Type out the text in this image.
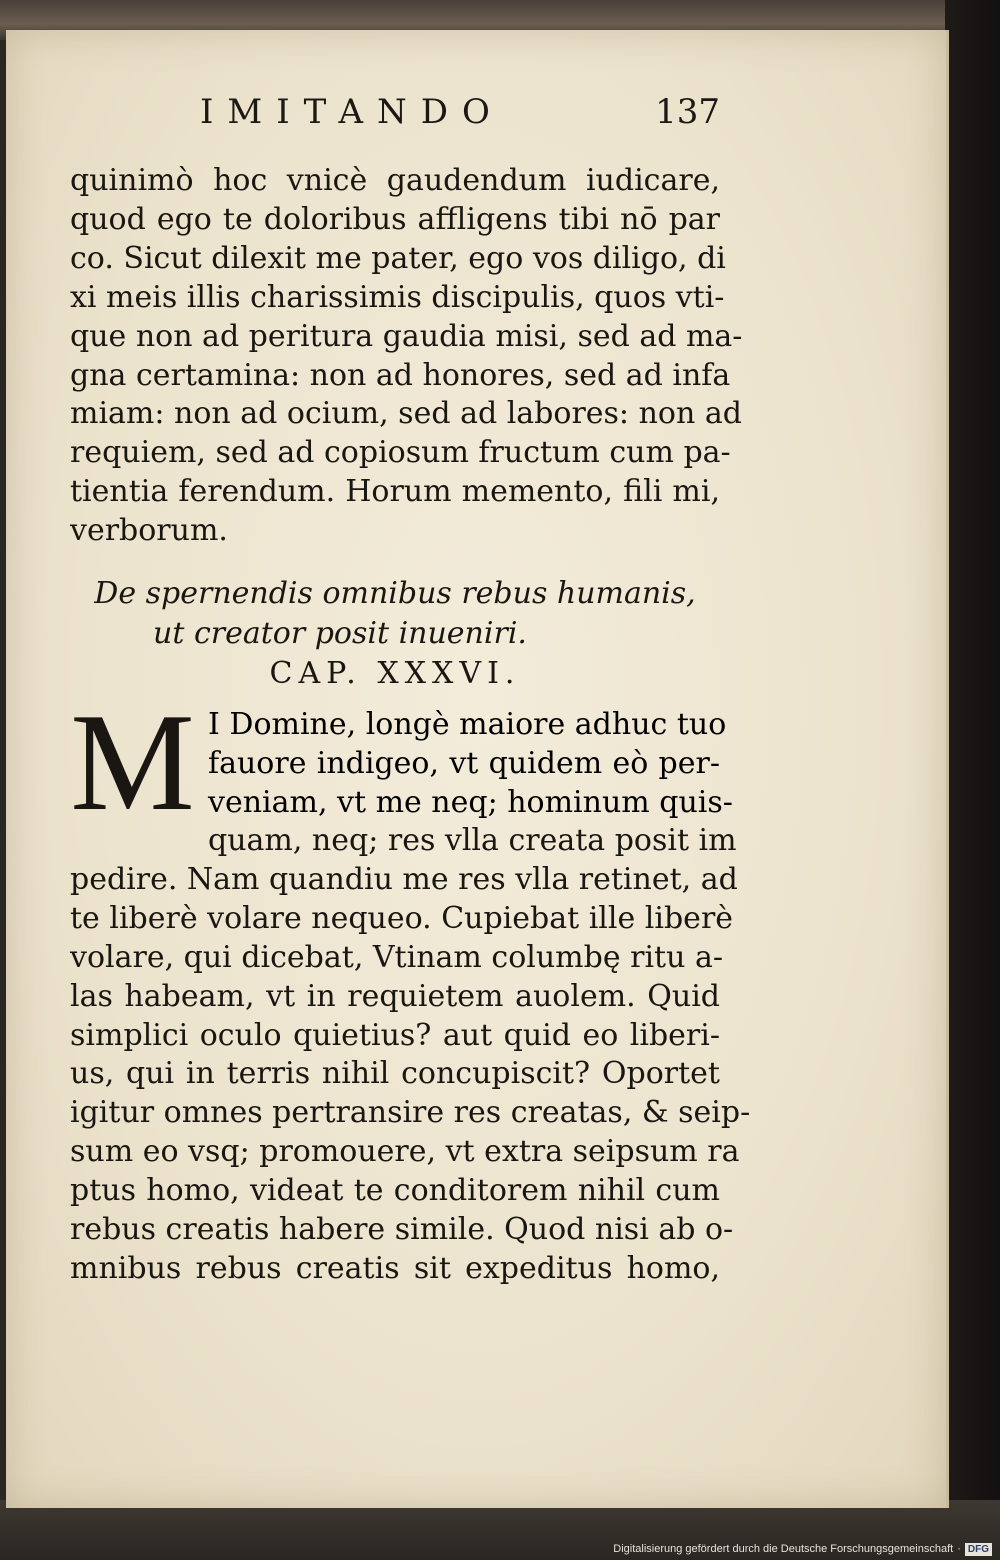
IMITANDO	137
quinimò hoc vnicè gaudendum iudicare,
quod ego te doloribus affligens tibi nō par
co. Sicut dilexit me pater, ego vos diligo, di
xi meis illis charissimis discipulis, quos vti-
que non ad peritura gaudia misi, sed ad ma-
gna certamina: non ad honores, sed ad infa
miam: non ad ocium, sed ad labores: non ad
requiem, sed ad copiosum fructum cum pa-
tientia ferendum. Horum memento, fili mi,
verborum.
De spernendis omnibus rebus humanis,
ut creator posit inueniri.
CAP. XXXVI.
M I Domine, longè maiore adhuc tuo
fauore indigeo, vt quidem eò per-
veniam, vt me neq; hominum quis-
quam, neq; res vlla creata posit im
pedire. Nam quandiu me res vlla retinet, ad
te liberè volare nequeo. Cupiebat ille liberè
volare, qui dicebat, Vtinam columbę ritu a-
las habeam, vt in requietem auolem. Quid
simplici oculo quietius? aut quid eo liberi-
us, qui in terris nihil concupiscit? Oportet
igitur omnes pertransire res creatas, & seip-
sum eo vsq; promouere, vt extra seipsum ra
ptus homo, videat te conditorem nihil cum
rebus creatis habere simile. Quod nisi ab o-
mnibus rebus creatis sit expeditus homo,
Digitalisierung gefördert durch die Deutsche Forschungsgemeinschaft · DFG
